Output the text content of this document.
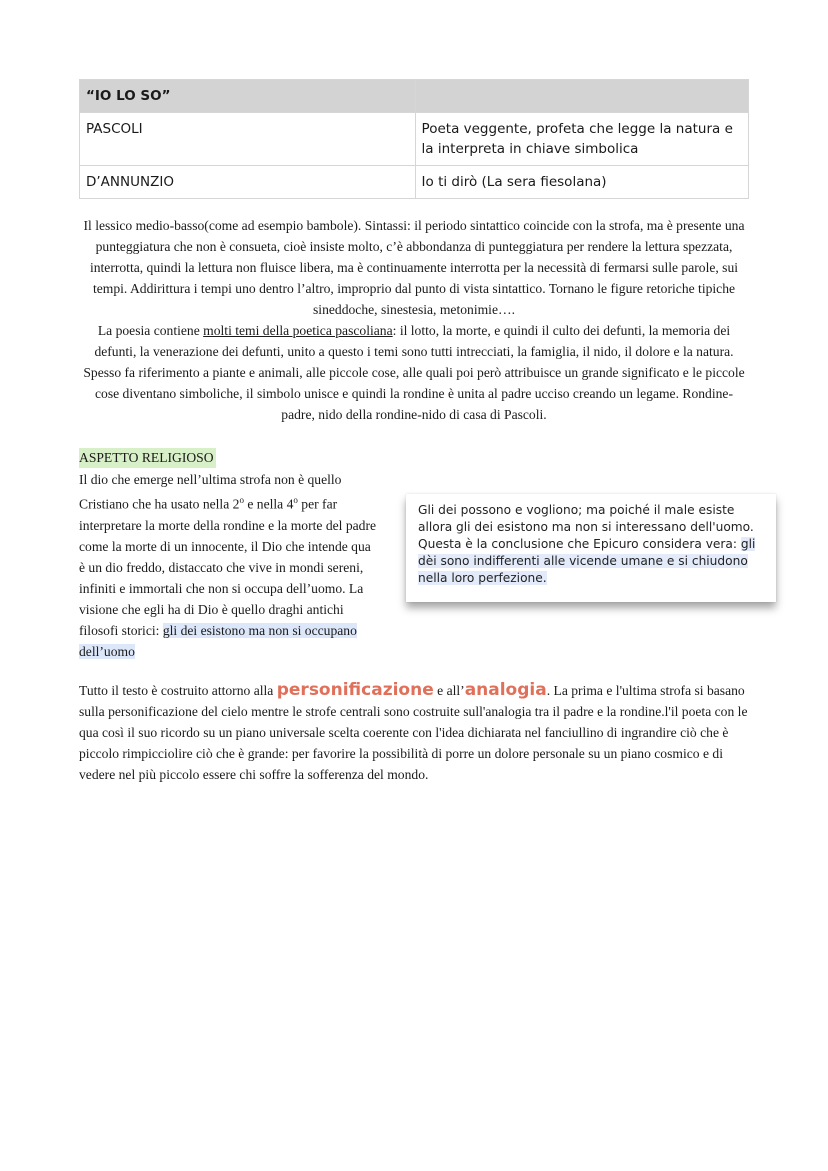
“IO LO SO”	
PASCOLI	Poeta veggente, profeta che legge la natura e la interpreta in chiave simbolica
D’ANNUNZIO	Io ti dirò (La sera fiesolana)
Il lessico medio-basso(come ad esempio bambole). Sintassi: il periodo sintattico coincide con la strofa, ma è presente una punteggiatura che non è consueta, cioè insiste molto, c’è abbondanza di punteggiatura per rendere la lettura spezzata, interrotta, quindi la lettura non fluisce libera, ma è continuamente interrotta per la necessità di fermarsi sulle parole, sui tempi. Addirittura i tempi uno dentro l’altro, improprio dal punto di vista sintattico. Tornano le figure retoriche tipiche sineddoche, sinestesia, metonimie….
La poesia contiene molti temi della poetica pascoliana: il lotto, la morte, e quindi il culto dei defunti, la memoria dei defunti, la venerazione dei defunti, unito a questo i temi sono tutti intrecciati, la famiglia, il nido, il dolore e la natura. Spesso fa riferimento a piante e animali, alle piccole cose, alle quali poi però attribuisce un grande significato e le piccole cose diventano simboliche, il simbolo unisce e quindi la rondine è unita al padre ucciso creando un legame. Rondine-padre, nido della rondine-nido di casa di Pascoli.
ASPETTO RELIGIOSO
Il dio che emerge nell’ultima strofa non è quello Cristiano che ha usato nella 2$^o$ e nella 4$^o$ per far interpretare la morte della rondine e la morte del padre come la morte di un innocente, il Dio che intende qua è un dio freddo, distaccato che vive in mondi sereni, infiniti e immortali che non si occupa dell’uomo. La visione che egli ha di Dio è quello draghi antichi filosofi storici: gli dei esistono ma non si occupano dell’uomo
Gli dei possono e vogliono; ma poiché il male esiste allora gli dei esistono ma non si interessano dell'uomo. Questa è la conclusione che Epicuro considera vera: gli dèi sono indifferenti alle vicende umane e si chiudono nella loro perfezione.
Tutto il testo è costruito attorno alla personificazione e all’analogia. La prima e l'ultima strofa si basano sulla personificazione del cielo mentre le strofe centrali sono costruite sull'analogia tra il padre e la rondine.l'il poeta con le qua così il suo ricordo su un piano universale scelta coerente con l'idea dichiarata nel fanciullino di ingrandire ciò che è piccolo rimpicciolire ciò che è grande: per favorire la possibilità di porre un dolore personale su un piano cosmico e di vedere nel più piccolo essere chi soffre la sofferenza del mondo.
